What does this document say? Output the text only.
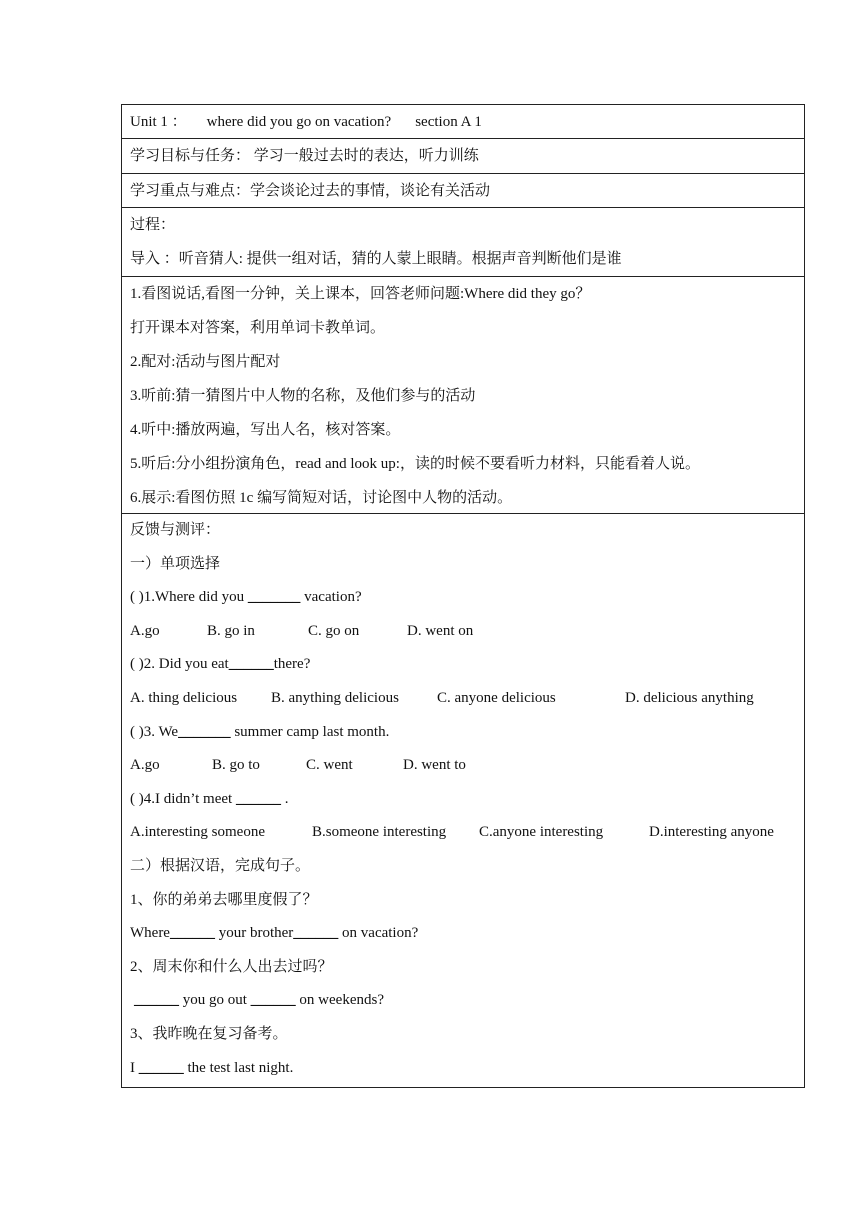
Unit 1 ： where did you go on vacation? section A 1
学习目标与任务： 学习一般过去时的表达，听力训练
学习重点与难点：学会谈论过去的事情，谈论有关活动
过程：
导入 ：听音猜人: 提供一组对话，猜的人蒙上眼睛。根据声音判断他们是谁
1.看图说话,看图一分钟，关上课本，回答老师问题:Where did they go？
打开课本对答案，利用单词卡教单词。
2.配对:活动与图片配对
3.听前:猜一猜图片中人物的名称，及他们参与的活动
4.听中:播放两遍，写出人名，核对答案。
5.听后:分小组扮演角色，read and look up:，读的时候不要看听力材料，只能看着人说。
6.展示:看图仿照 1c 编写简短对话，讨论图中人物的活动。
反馈与测评：
一）单项选择
( )1.Where did you _______ vacation?
A.go	B. go in	C. go on	D. went on
( )2. Did you eat______there?
A. thing delicious B. anything delicious	C. anyone delicious	D. delicious anything
( )3. We_______ summer camp last month.
A.go	B. go to	C. went	D. went to
( )4.I didn’t meet ______ .
A.interesting someone	B.someone interesting C.anyone interesting	D.interesting anyone
二）根据汉语，完成句子。
1、你的弟弟去哪里度假了？
Where______ your brother______ on vacation?
2、周末你和什么人出去过吗？
______ you go out ______ on weekends?
3、我昨晚在复习备考。
I ______ the test last night.
